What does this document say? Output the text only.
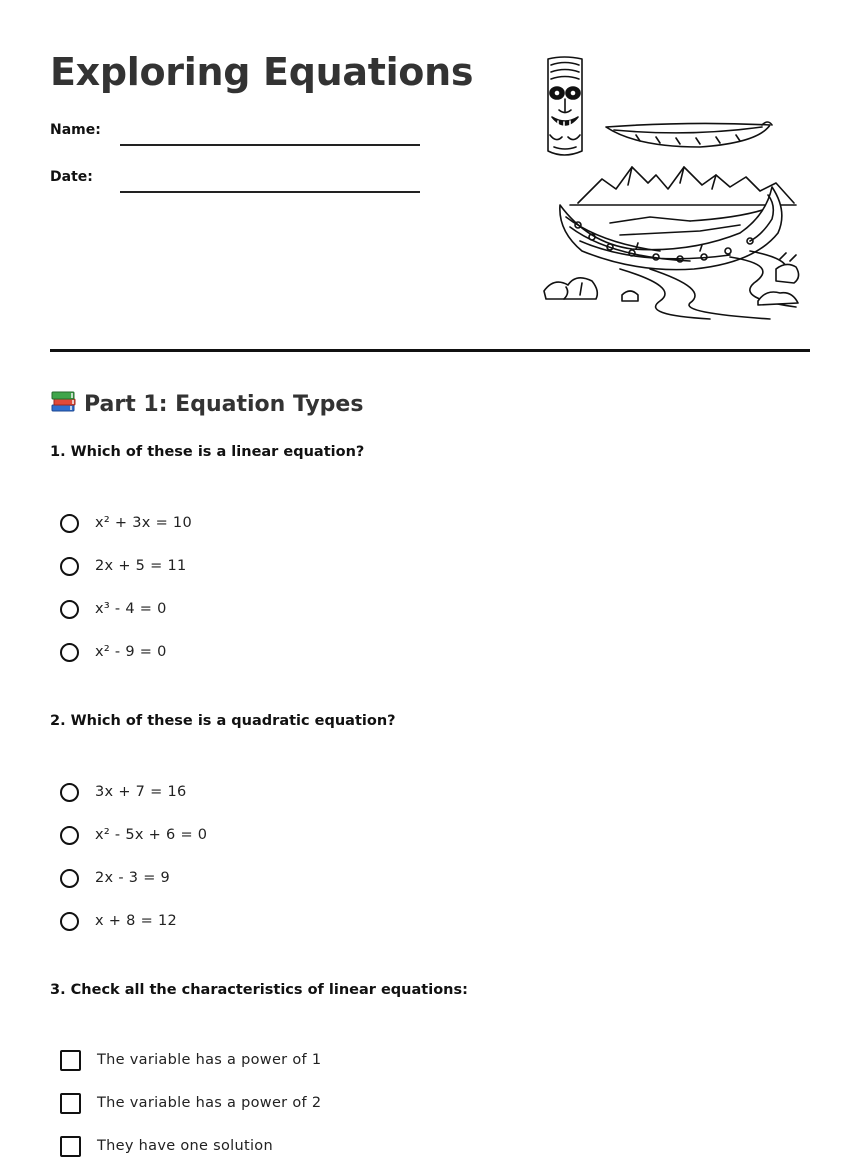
Exploring Equations
Name:
Date:
Part 1: Equation Types

1. Which of these is a linear equation?

x² + 3x = 10
2x + 5 = 11
x³ - 4 = 0
x² - 9 = 0

2. Which of these is a quadratic equation?

3x + 7 = 16
x² - 5x + 6 = 0
2x - 3 = 9
x + 8 = 12

3. Check all the characteristics of linear equations:

The variable has a power of 1
The variable has a power of 2
They have one solution
